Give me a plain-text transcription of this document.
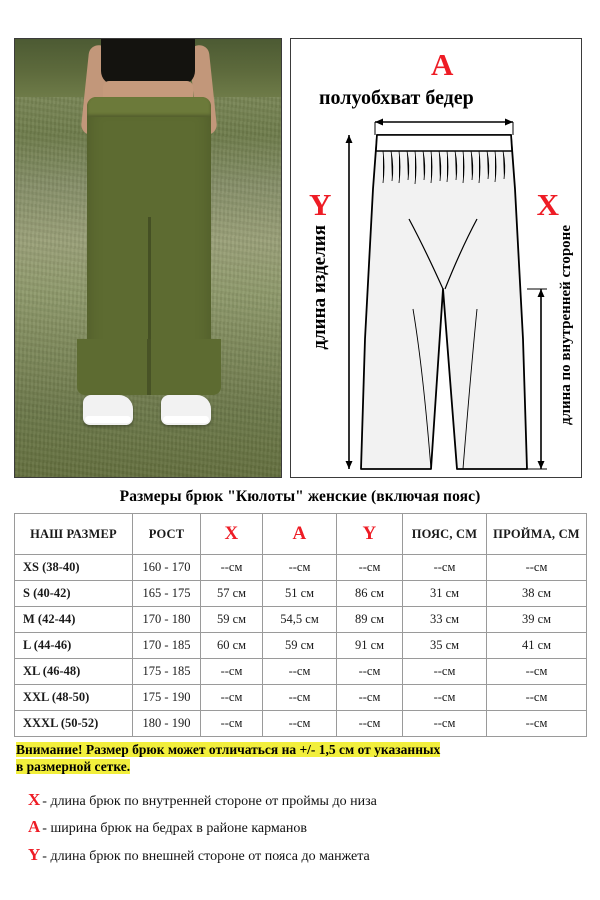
A
полуобхват бедер
Y
длина изделия
X
длина по внутренней стороне
Размеры брюк "Кюлоты" женские (включая пояс)
НАШ РАЗМЕР	РОСТ	X	A	Y	ПОЯС, СМ	ПРОЙМА, СМ
XS (38-40)	160 - 170	--см	--см	--см	--см	--см
S (40-42)	165 - 175	57 см	51 см	86 см	31 см	38 см
M (42-44)	170 - 180	59 см	54,5 см	89 см	33 см	39 см
L (44-46)	170 - 185	60 см	59 см	91 см	35 см	41 см
XL (46-48)	175 - 185	--см	--см	--см	--см	--см
XXL (48-50)	175 - 190	--см	--см	--см	--см	--см
XXXL (50-52)	180 - 190	--см	--см	--см	--см	--см
Внимание! Размер брюк может отличаться на +/- 1,5 см от указанных
в размерной сетке.
X - длина брюк по внутренней стороне от проймы до низа
A - ширина брюк на бедрах в районе карманов
Y - длина брюк по внешней стороне от пояса до манжета
